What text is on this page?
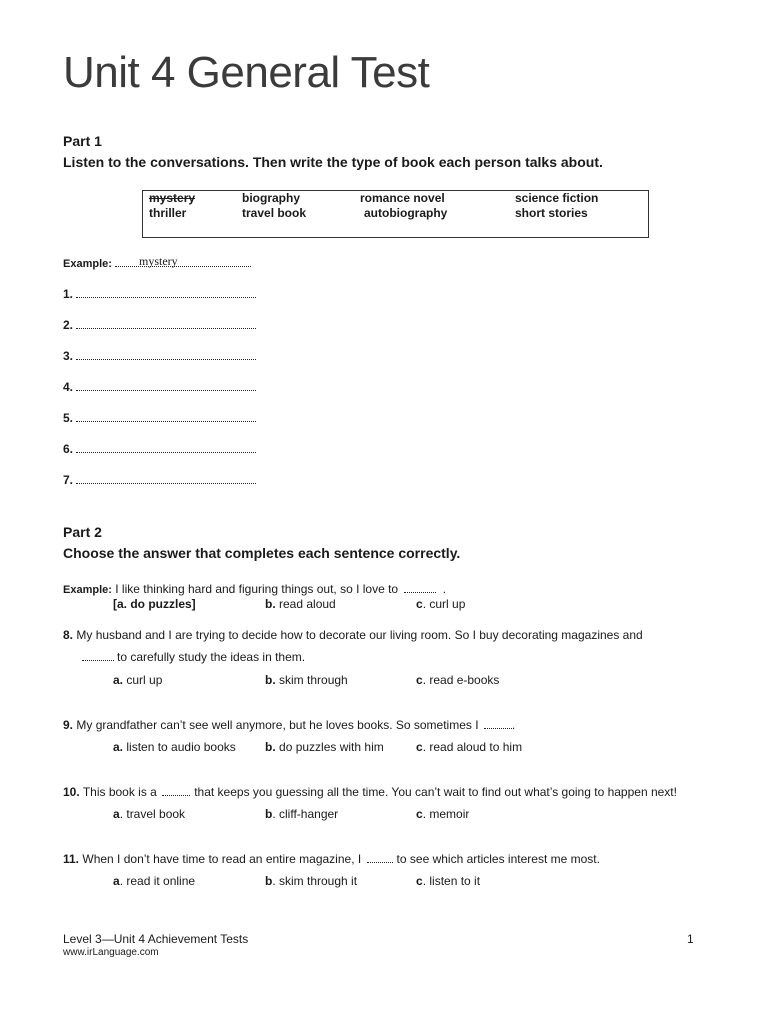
Unit 4 General Test
Part 1
Listen to the conversations. Then write the type of book each person talks about.
mystery	biography	romance novel	science fiction
thriller	travel book	autobiography	short stories
Example: mystery
1.
2.
3.
4.
5.
6.
7.
Part 2
Choose the answer that completes each sentence correctly.
Example: I like thinking hard and figuring things out, so I love to	.
[a. do puzzles]	b. read aloud	c. curl up
8. My husband and I are trying to decide how to decorate our living room. So I buy decorating magazines and
to carefully study the ideas in them.
a. curl up	b. skim through	c. read e-books
9. My grandfather can’t see well anymore, but he loves books. So sometimes I	.
a. listen to audio books b. do puzzles with him	c. read aloud to him
10. This book is a	that keeps you guessing all the time. You can’t wait to find out what’s going to happen next!
a. travel book	b. cliff-hanger	c. memoir
11. When I don’t have time to read an entire magazine, I	to see which articles interest me most.
a. read it online	b. skim through it	c. listen to it
Level 3—Unit 4 Achievement Tests
www.irLanguage.com
1
